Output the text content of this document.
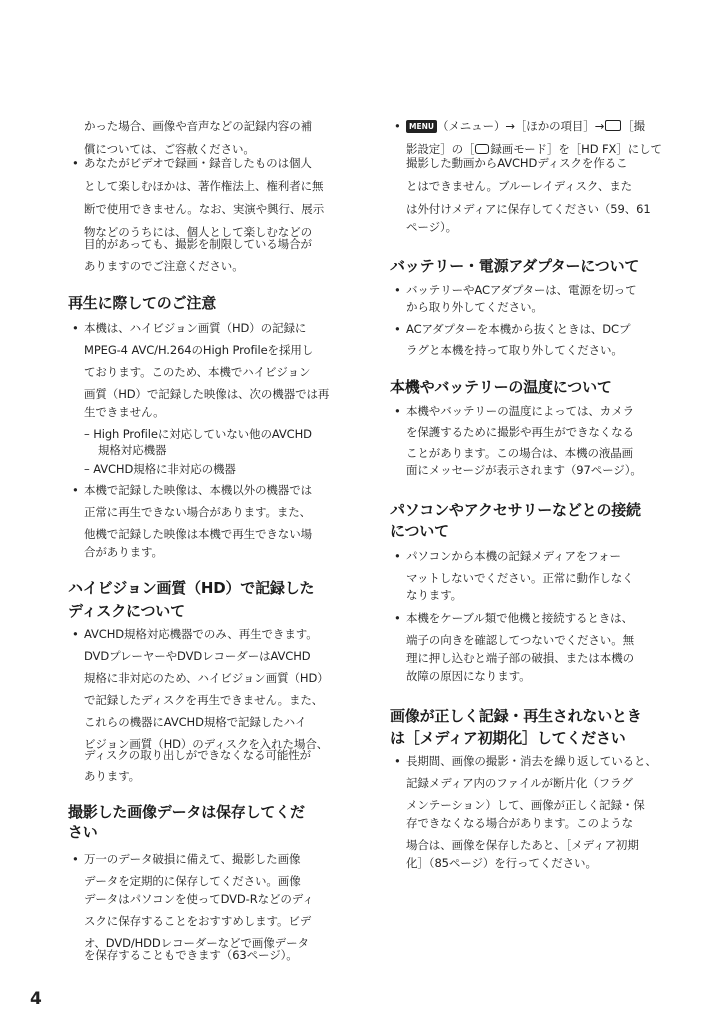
かった場合、画像や音声などの記録内容の補
償については、ご容赦ください。
• あなたがビデオで録画・録音したものは個人
として楽しむほかは、著作権法上、権利者に無
断で使用できません。なお、実演や興行、展示
物などのうちには、個人として楽しむなどの
目的があっても、撮影を制限している場合が
ありますのでご注意ください。
再生に際してのご注意
• 本機は、ハイビジョン画質（HD）の記録に
MPEG-4 AVC/H.264のHigh Profileを採用し
ております。このため、本機でハイビジョン
画質（HD）で記録した映像は、次の機器では再
生できません。
– High Profileに対応していない他のAVCHD
規格対応機器
– AVCHD規格に非対応の機器
• 本機で記録した映像は、本機以外の機器では
正常に再生できない場合があります。また、
他機で記録した映像は本機で再生できない場
合があります。
ハイビジョン画質（HD）で記録した
ディスクについて
• AVCHD規格対応機器でのみ、再生できます。
DVDプレーヤーやDVDレコーダーはAVCHD
規格に非対応のため、ハイビジョン画質（HD）
で記録したディスクを再生できません。また、
これらの機器にAVCHD規格で記録したハイ
ビジョン画質（HD）のディスクを入れた場合、
ディスクの取り出しができなくなる可能性が
あります。
撮影した画像データは保存してくだ
さい
• 万一のデータ破損に備えて、撮影した画像
データを定期的に保存してください。画像
データはパソコンを使ってDVD-Rなどのディ
スクに保存することをおすすめします。ビデ
オ、DVD/HDDレコーダーなどで画像データ
を保存することもできます（63ページ）。
•	MENU （メニュー）→［ほかの項目］→ ［撮
影設定］の［ 録画モード］を［HD FX］にして
撮影した動画からAVCHDディスクを作るこ
とはできません。ブルーレイディスク、また
は外付けメディアに保存してください（59、61
ページ）。
バッテリー・電源アダプターについて
• バッテリーやACアダプターは、電源を切って
から取り外してください。
• ACアダプターを本機から抜くときは、DCプ
ラグと本機を持って取り外してください。
本機やバッテリーの温度について
• 本機やバッテリーの温度によっては、カメラ
を保護するために撮影や再生ができなくなる
ことがあります。この場合は、本機の液晶画
面にメッセージが表示されます（97ページ）。
パソコンやアクセサリーなどとの接続
について
• パソコンから本機の記録メディアをフォー
マットしないでください。正常に動作しなく
なります。
• 本機をケーブル類で他機と接続するときは、
端子の向きを確認してつないでください。無
理に押し込むと端子部の破損、または本機の
故障の原因になります。
画像が正しく記録・再生されないとき
は［メディア初期化］してください
• 長期間、画像の撮影・消去を繰り返していると、
記録メディア内のファイルが断片化（フラグ
メンテーション）して、画像が正しく記録・保
存できなくなる場合があります。このような
場合は、画像を保存したあと、［メディア初期
化］（85ページ）を行ってください。
4
